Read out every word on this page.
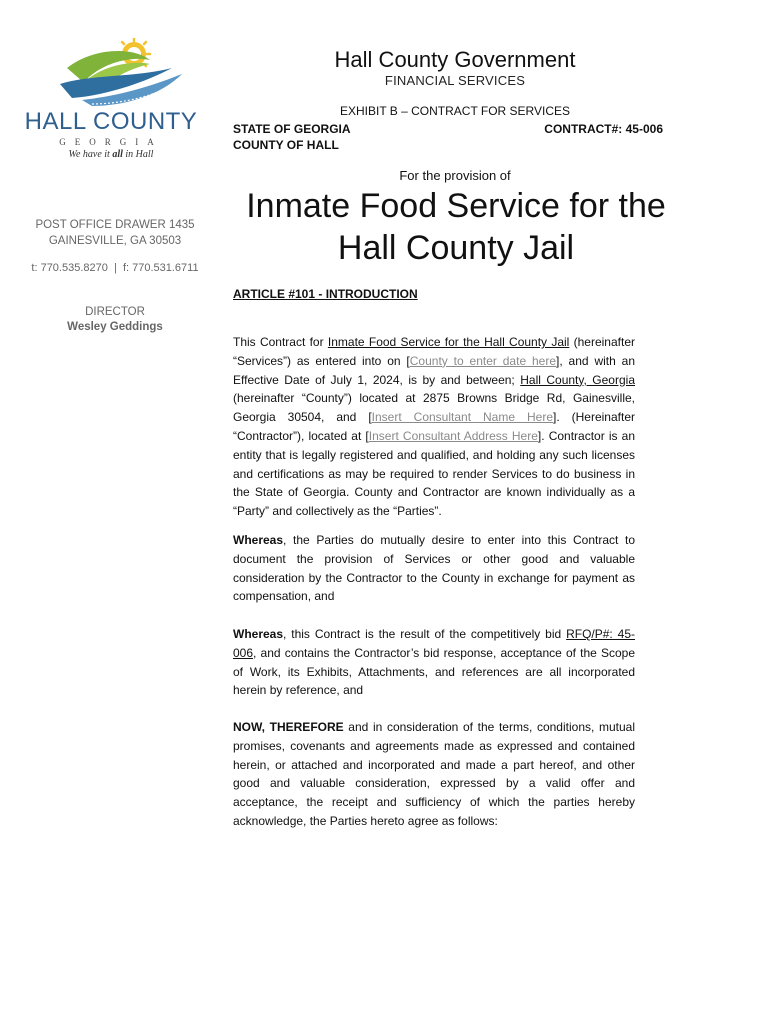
HALL COUNTY
GEORGIA
We have it all in Hall
POST OFFICE DRAWER 1435
GAINESVILLE, GA 30503
t: 770.535.8270  |  f: 770.531.6711
DIRECTOR
Wesley Geddings
Hall County Government
FINANCIAL SERVICES
EXHIBIT B – CONTRACT FOR SERVICES
STATE OF GEORGIA	CONTRACT#: 45-006
COUNTY OF HALL
For the provision of
Inmate Food Service for the
Hall County Jail
ARTICLE #101 - INTRODUCTION
This Contract for Inmate Food Service for the Hall County Jail (hereinafter “Services”) as entered into on [County to enter date here], and with an Effective Date of July 1, 2024, is by and between; Hall County, Georgia (hereinafter “County”) located at 2875 Browns Bridge Rd, Gainesville, Georgia 30504, and [Insert Consultant Name Here]. (Hereinafter “Contractor”), located at [Insert Consultant Address Here]. Contractor is an entity that is legally registered and qualified, and holding any such licenses and certifications as may be required to render Services to do business in the State of Georgia. County and Contractor are known individually as a “Party” and collectively as the “Parties”.
Whereas, the Parties do mutually desire to enter into this Contract to document the provision of Services or other good and valuable consideration by the Contractor to the County in exchange for payment as compensation, and
Whereas, this Contract is the result of the competitively bid RFQ/P#: 45-006, and contains the Contractor’s bid response, acceptance of the Scope of Work, its Exhibits, Attachments, and references are all incorporated herein by reference, and
NOW, THEREFORE and in consideration of the terms, conditions, mutual promises, covenants and agreements made as expressed and contained herein, or attached and incorporated and made a part hereof, and other good and valuable consideration, expressed by a valid offer and acceptance, the receipt and sufficiency of which the parties hereby acknowledge, the Parties hereto agree as follows:
